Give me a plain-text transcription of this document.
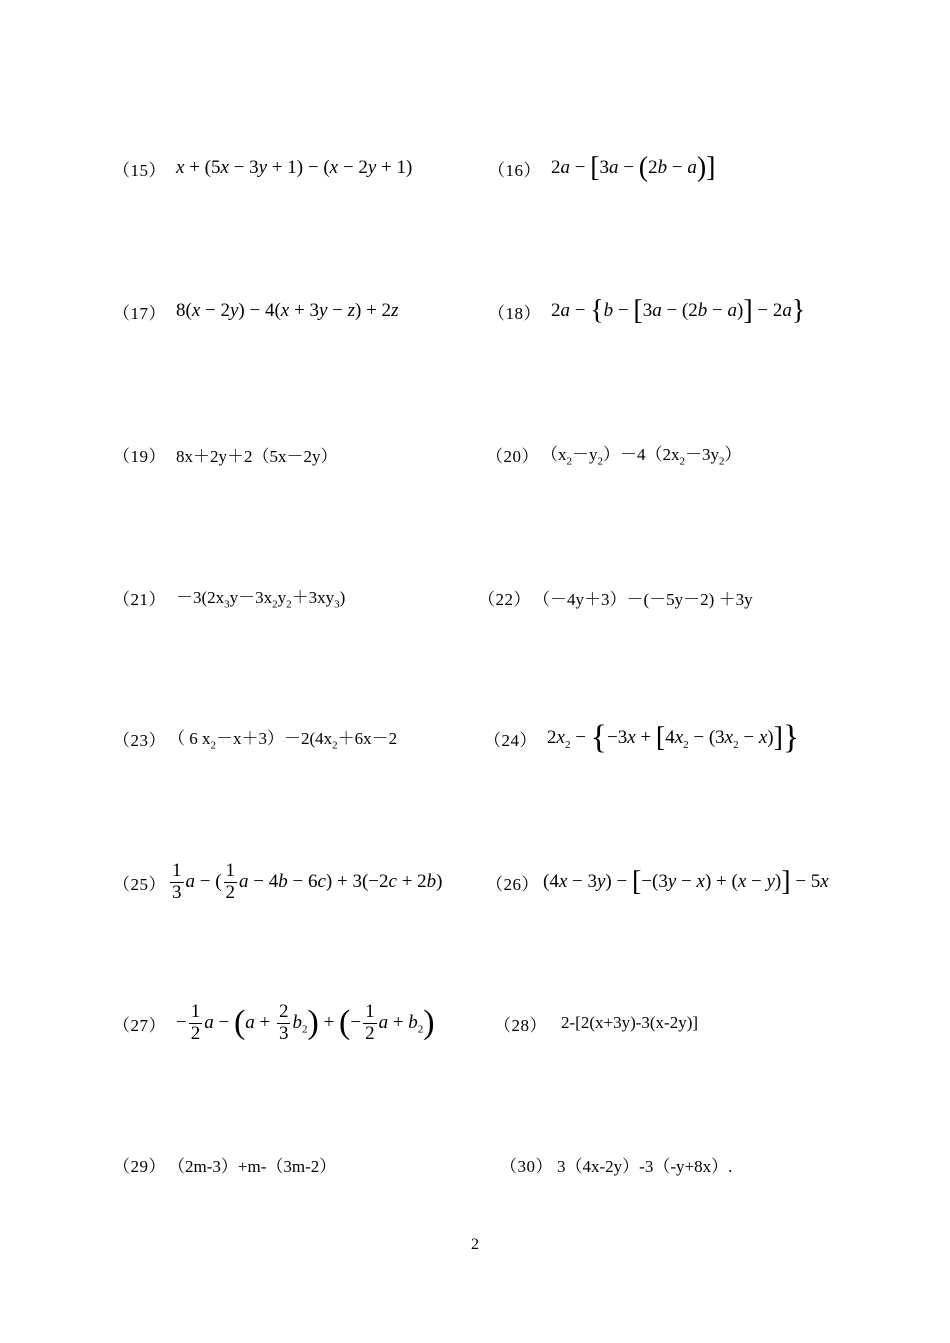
（15） x + (5x − 3y + 1) − (x − 2y + 1)	（16） 2a − [3a − (2b − a)]
（17） 8(x − 2y) − 4(x + 3y − z) + 2z	（18） 2a − {b − [3a − (2b − a)] − 2a}
（19） 8x＋2y＋2（5x－2y）	（20） $(x_2-y_2)-4(2x_2-3y_2)$
$(21) -3(2x_3y-3x_2y_2+3xy_3)$	（22） （－4y＋3）－(－5y－2) ＋3y
（23） （ 6 $x_2-x+3)-2(4x_2+6x-2$	（24） $2x_2 - \{-3x + [4x_2 - (3x_2 - x)]\}$
$(25) \frac{1}{3}$ a − ( $\frac{1}{2}$ a − 4b − 6c) + 3(−2c + 2b)	（26） (4x − 3y) − [−(3y − x) + (x − y)] − 5x
$(27) - \frac{1}{2}$ $a - (a + \frac{2}{3} b_2)$ + (− $\frac{1}{2}$ $a + b_2$)	（28） 2-[2(x+3y)-3(x-2y)]
（29） （2m-3）+m-（3m-2）	（30） 3（4x-2y）-3（-y+8x）.
2
